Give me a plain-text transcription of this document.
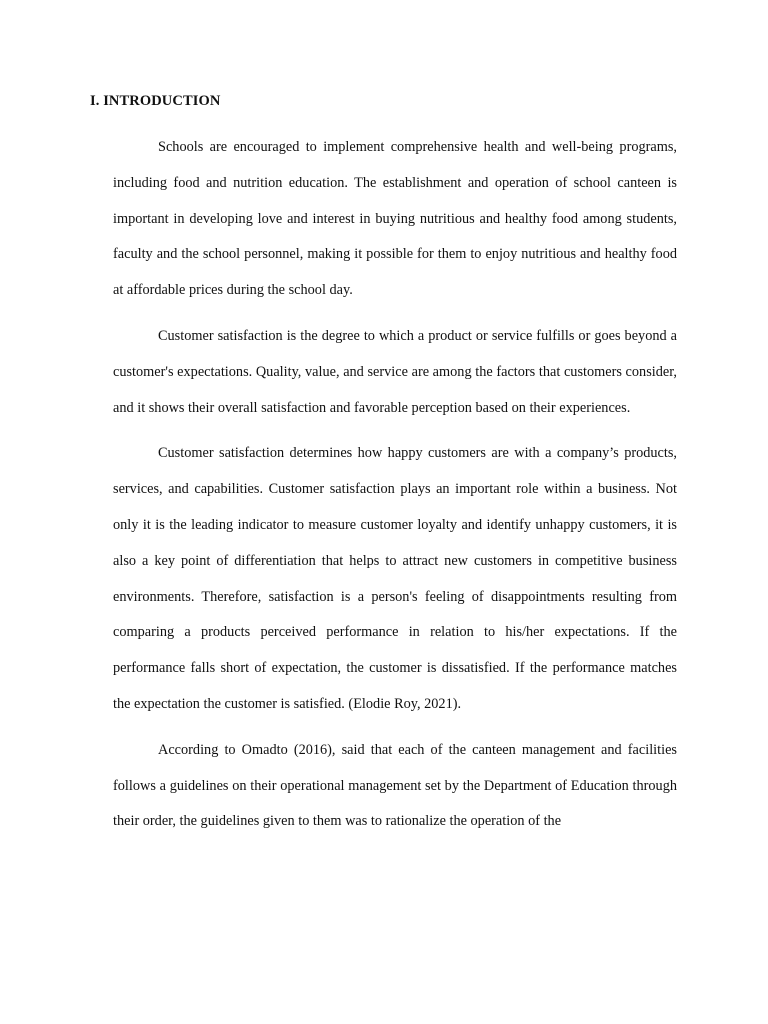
I. INTRODUCTION

Schools are encouraged to implement comprehensive health and well-being programs, including food and nutrition education. The establishment and operation of school canteen is important in developing love and interest in buying nutritious and healthy food among students, faculty and the school personnel, making it possible for them to enjoy nutritious and healthy food at affordable prices during the school day.

Customer satisfaction is the degree to which a product or service fulfills or goes beyond a customer's expectations. Quality, value, and service are among the factors that customers consider, and it shows their overall satisfaction and favorable perception based on their experiences.

Customer satisfaction determines how happy customers are with a company’s products, services, and capabilities. Customer satisfaction plays an important role within a business. Not only it is the leading indicator to measure customer loyalty and identify unhappy customers, it is also a key point of differentiation that helps to attract new customers in competitive business environments. Therefore, satisfaction is a person's feeling of disappointments resulting from comparing a products perceived performance in relation to his/her expectations. If the performance falls short of expectation, the customer is dissatisfied. If the performance matches the expectation the customer is satisfied. (Elodie Roy, 2021).

According to Omadto (2016), said that each of the canteen management and facilities follows a guidelines on their operational management set by the Department of Education through their order, the guidelines given to them was to rationalize the operation of the
